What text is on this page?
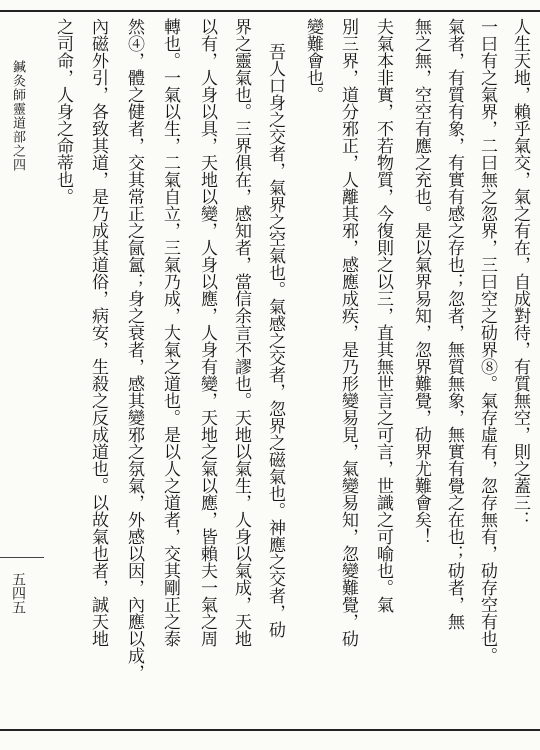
鍼灸師靈道部之四
五四五
人生天地，賴乎氣交，氣之有在，自成對待，有質無空，則之蓋三：
一曰有之氣界，二曰無之忽界，三曰空之劯界⑧。氣存虛有，忽存無有，劯存空有也。
氣者，有質有象，有實有感之存也；忽者，無質無象，無實有覺之在也；劯者，無
無之無，空空有應之充也。是以氣界易知，忽界難覺，劯界尤難會矣！
夫氣本非實，不若物質，今復則之以三，直其無世言之可言，世識之可喻也。氣
別三界，道分邪正，人離其邪，感應成疾，是乃形變易見，氣變易知，忽變難覺，劯
變難會也。
吾人口身之交者，氣界之空氣也。氣感之交者，忽界之磁氣也。神應之交者，劯
界之靈氣也。三界俱在，感知者，當信余言不謬也。天地以氣生，人身以氣成，天地
以有，人身以具，天地以變，人身以應，人身有變，天地之氣以應，皆賴夫一氣之周
轉也。一氣以生，二氣自立，三氣乃成，大氣之道也。是以人之道者，交其剛正之泰
然④，體之健者，交其常正之氤氳；身之衰者，感其變邪之氛氣，外感以因，內應以成，
內磁外引，各致其道，是乃成其道俗，病安，生殺之反成道也。以故氣也者，誠天地
之司命，人身之命蒂也。
